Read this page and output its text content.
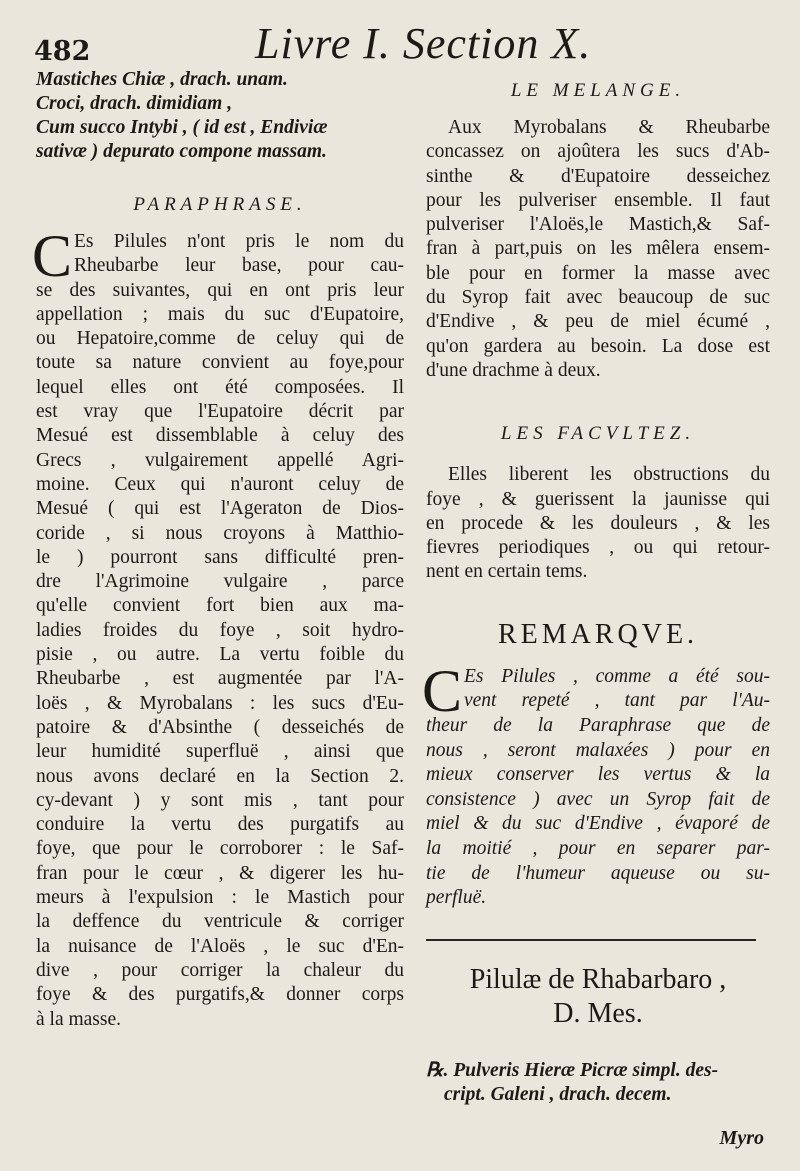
482	Livre I. Section X.
Mastiches Chiæ , drach. unam.
Croci, drach. dimidiam ,
Cum succo Intybi , ( id est , Endiviæ
sativæ ) depurato compone massam.
PARAPHRASE.
C Es Pilules n'ont pris le nom du
Rheubarbe leur base, pour cau-
se des suivantes, qui en ont pris leur
appellation ; mais du suc d'Eupatoire,
ou Hepatoire,comme de celuy qui de
toute sa nature convient au foye,pour
lequel elles ont été composées. Il
est vray que l'Eupatoire décrit par
Mesué est dissemblable à celuy des
Grecs , vulgairement appellé Agri-
moine. Ceux qui n'auront celuy de
Mesué ( qui est l'Ageraton de Dios-
coride , si nous croyons à Matthio-
le ) pourront sans difficulté pren-
dre l'Agrimoine vulgaire , parce
qu'elle convient fort bien aux ma-
ladies froides du foye , soit hydro-
pisie , ou autre. La vertu foible du
Rheubarbe , est augmentée par l'A-
loës , & Myrobalans : les sucs d'Eu-
patoire & d'Absinthe ( desseichés de
leur humidité superfluë , ainsi que
nous avons declaré en la Section 2.
cy-devant ) y sont mis , tant pour
conduire la vertu des purgatifs au
foye, que pour le corroborer : le Saf-
fran pour le cœur , & digerer les hu-
meurs à l'expulsion : le Mastich pour
la deffence du ventricule & corriger
la nuisance de l'Aloës , le suc d'En-
dive , pour corriger la chaleur du
foye & des purgatifs,& donner corps
à la masse.
LE MELANGE.
Aux Myrobalans & Rheubarbe
concassez on ajoûtera les sucs d'Ab-
sinthe & d'Eupatoire desseichez
pour les pulveriser ensemble. Il faut
pulveriser l'Aloës,le Mastich,& Saf-
fran à part,puis on les mêlera ensem-
ble pour en former la masse avec
du Syrop fait avec beaucoup de suc
d'Endive , & peu de miel écumé ,
qu'on gardera au besoin. La dose est
d'une drachme à deux.
LES FACVLTEZ.
Elles liberent les obstructions du
foye , & guerissent la jaunisse qui
en procede & les douleurs , & les
fievres periodiques , ou qui retour-
nent en certain tems.
REMARQVE.
C Es Pilules , comme a été sou-
vent repeté , tant par l'Au-
theur de la Paraphrase que de
nous , seront malaxées ) pour en
mieux conserver les vertus & la
consistence ) avec un Syrop fait de
miel & du suc d'Endive , évaporé de
la moitié , pour en separer par-
tie de l'humeur aqueuse ou su-
perfluë.
Pilulæ de Rhabarbaro ,
D. Mes.
℞. Pulveris Hieræ Picræ simpl. des-
cript. Galeni , drach. decem.
Myro
